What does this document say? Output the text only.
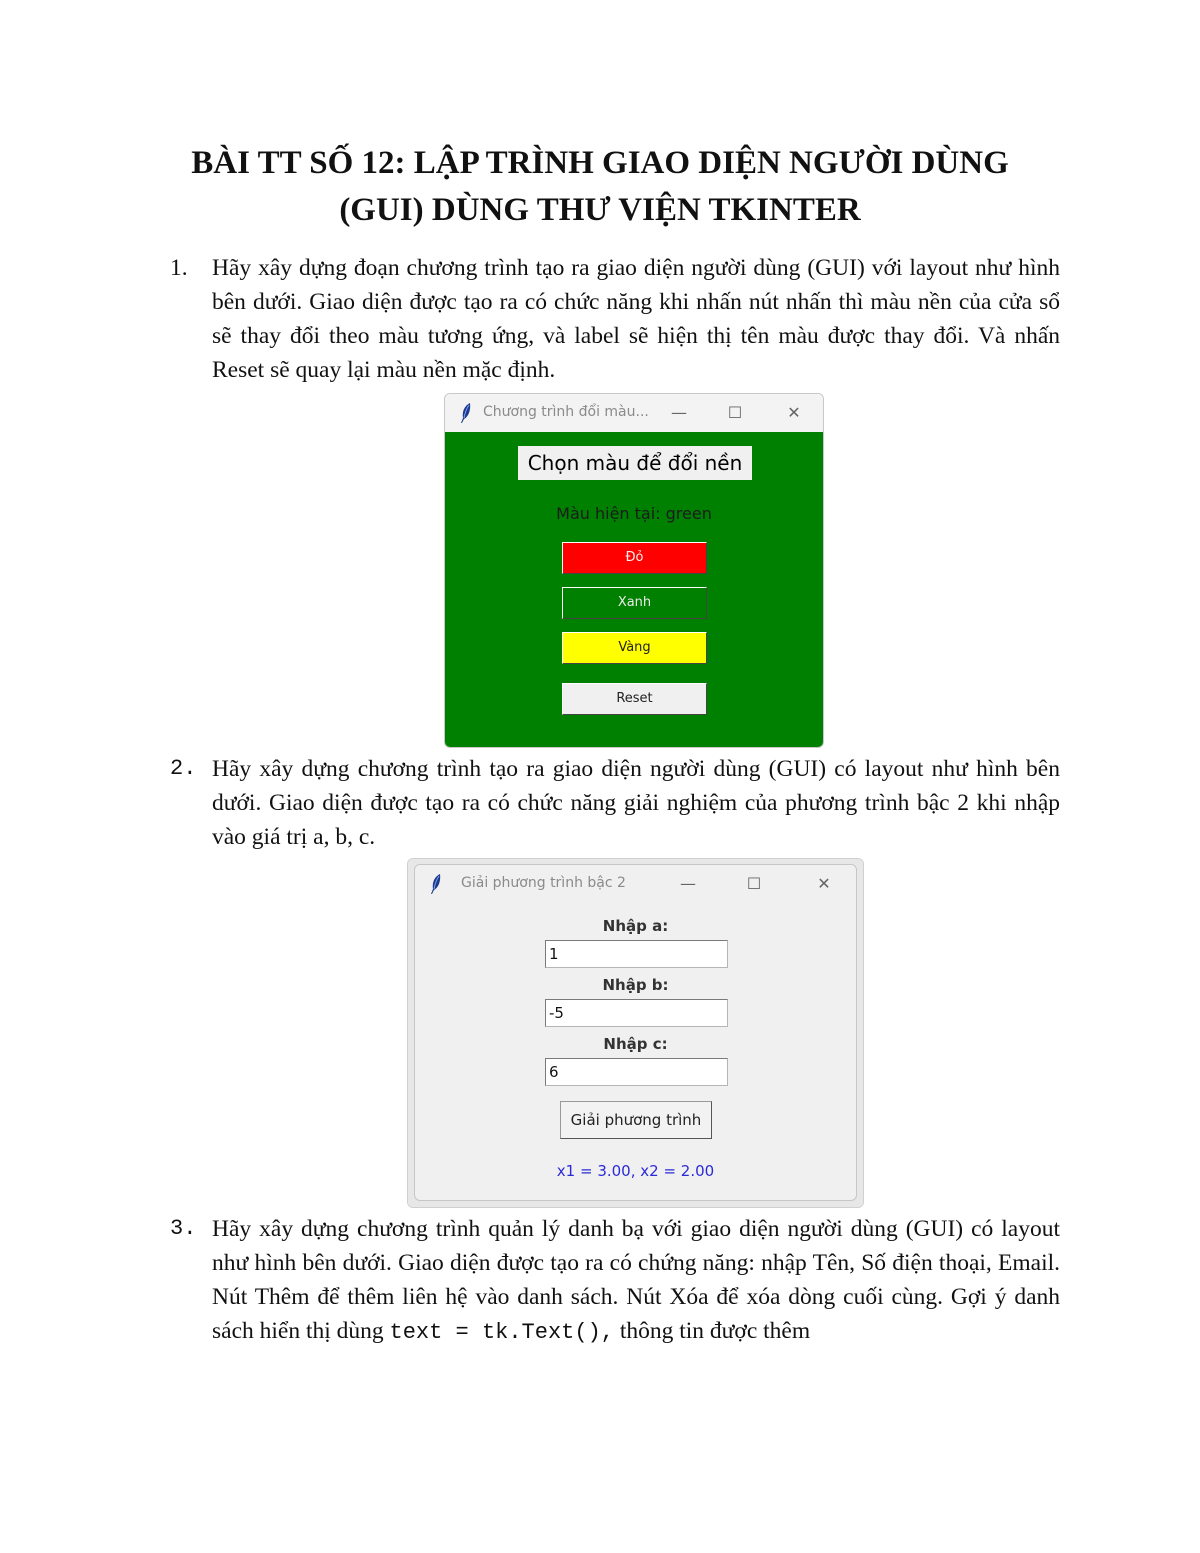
BÀI TT SỐ 12: LẬP TRÌNH GIAO DIỆN NGƯỜI DÙNG
(GUI) DÙNG THƯ VIỆN TKINTER
1. Hãy xây dựng đoạn chương trình tạo ra giao diện người dùng (GUI) với layout như hình bên dưới. Giao diện được tạo ra có chức năng khi nhấn nút nhấn thì màu nền của cửa sổ sẽ thay đổi theo màu tương ứng, và label sẽ hiện thị tên màu được thay đổi. Và nhấn Reset sẽ quay lại màu nền mặc định.
Chương trình đổi màu...	—	☐	✕
Chọn màu để đổi nền
Màu hiện tại: green
Đỏ
Xanh
Vàng
Reset
2. Hãy xây dựng chương trình tạo ra giao diện người dùng (GUI) có layout như hình bên dưới. Giao diện được tạo ra có chức năng giải nghiệm của phương trình bậc 2 khi nhập vào giá trị a, b, c.
Giải phương trình bậc 2	—	☐	✕
Nhập a:
1
Nhập b:
-5
Nhập c:
6
Giải phương trình
x1 = 3.00, x2 = 2.00
3. Hãy xây dựng chương trình quản lý danh bạ với giao diện người dùng (GUI) có layout như hình bên dưới. Giao diện được tạo ra có chứng năng: nhập Tên, Số điện thoại, Email. Nút Thêm để thêm liên hệ vào danh sách. Nút Xóa để xóa dòng cuối cùng. Gợi ý danh sách hiển thị dùng text = tk.Text(), thông tin được thêm
